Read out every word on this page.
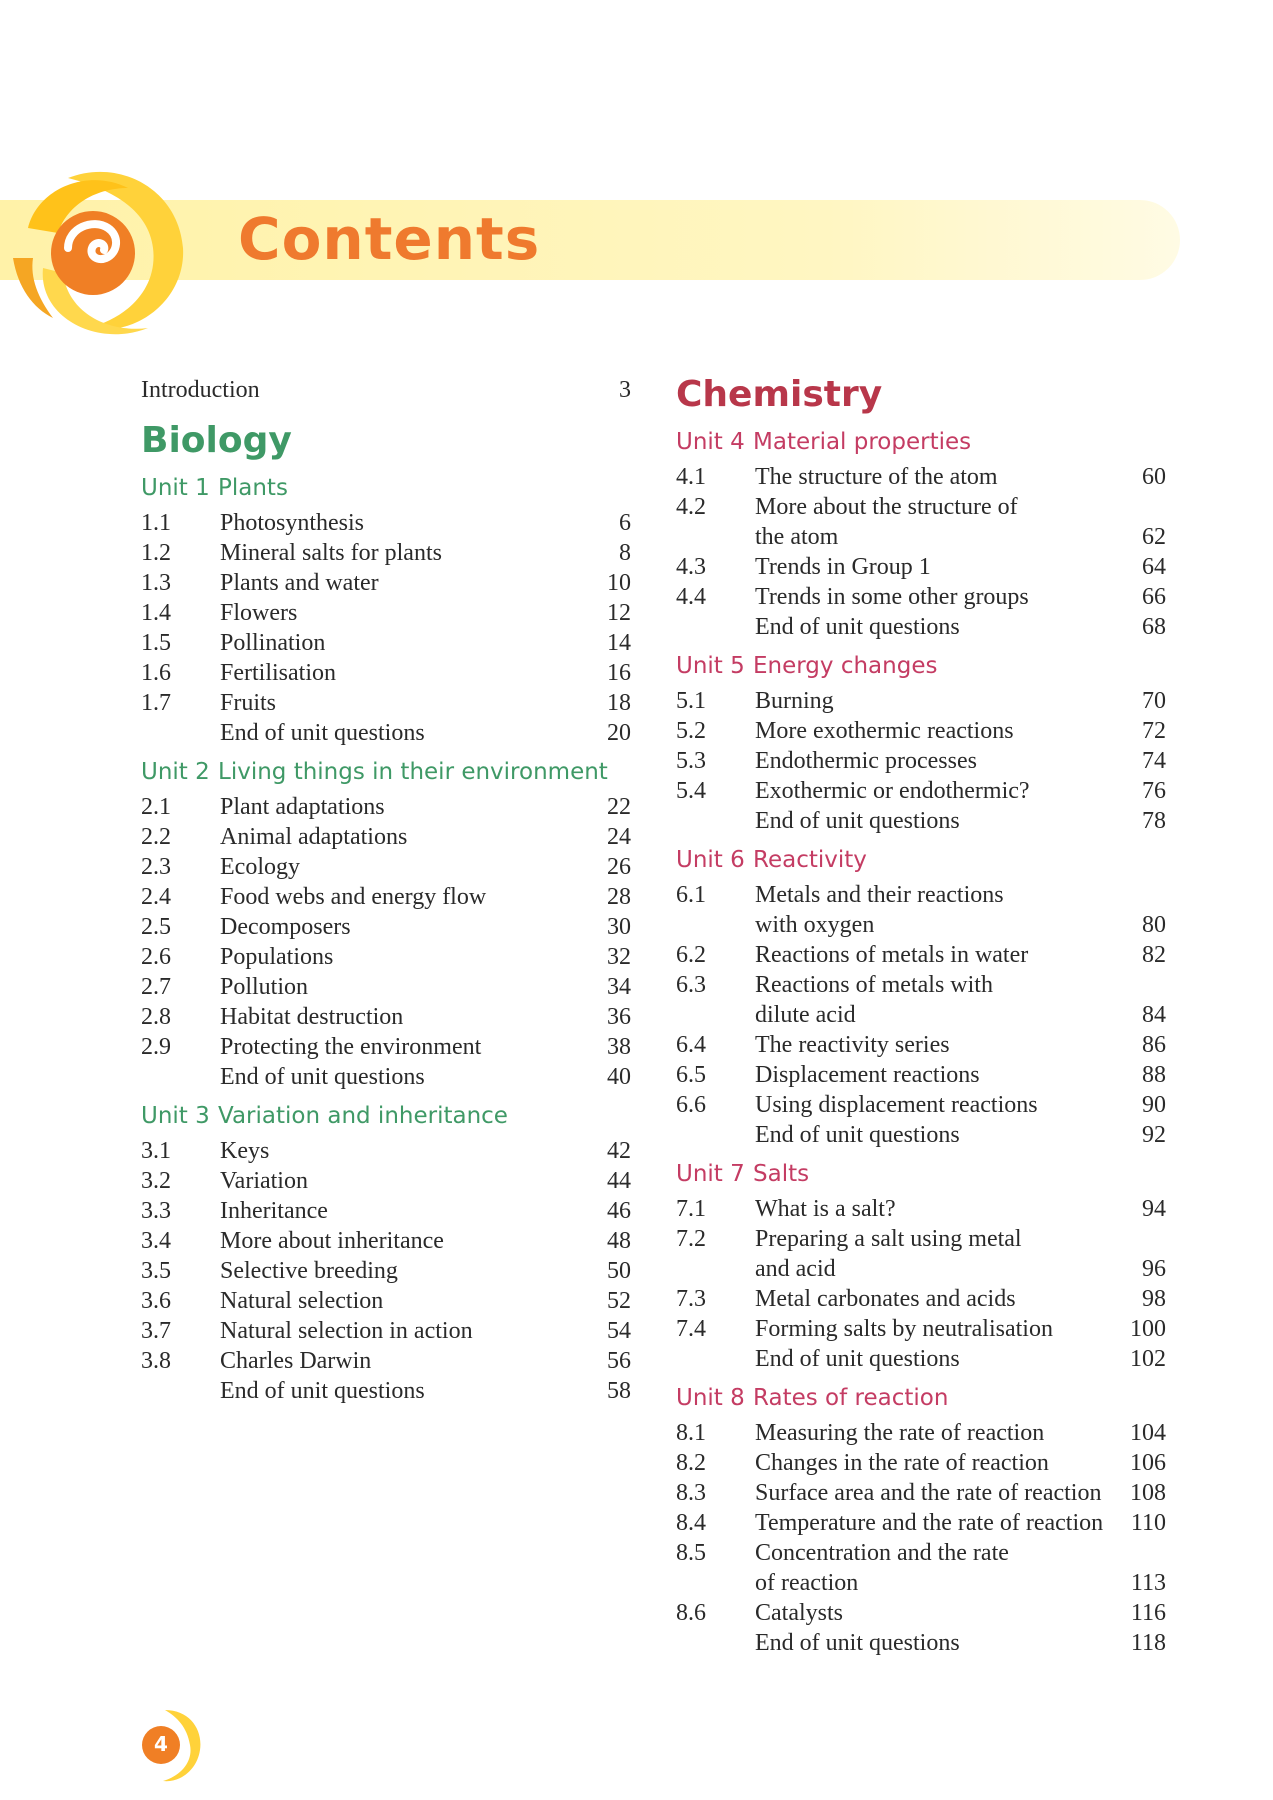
Contents
Introduction	3
Biology
Unit 1 Plants
1.1 Photosynthesis	6
1.2 Mineral salts for plants	8
1.3 Plants and water	10
1.4 Flowers	12
1.5 Pollination	14
1.6 Fertilisation	16
1.7 Fruits	18
End of unit questions	20
Unit 2 Living things in their environment
2.1 Plant adaptations	22
2.2 Animal adaptations	24
2.3 Ecology	26
2.4 Food webs and energy flow	28
2.5 Decomposers	30
2.6 Populations	32
2.7 Pollution	34
2.8 Habitat destruction	36
2.9 Protecting the environment	38
End of unit questions	40
Unit 3 Variation and inheritance
3.1 Keys	42
3.2 Variation	44
3.3 Inheritance	46
3.4 More about inheritance	48
3.5 Selective breeding	50
3.6 Natural selection	52
3.7 Natural selection in action	54
3.8 Charles Darwin	56
End of unit questions	58
Chemistry
Unit 4 Material properties
4.1 The structure of the atom	60
4.2 More about the structure of
the atom	62
4.3 Trends in Group 1	64
4.4 Trends in some other groups	66
End of unit questions	68
Unit 5 Energy changes
5.1 Burning	70
5.2 More exothermic reactions	72
5.3 Endothermic processes	74
5.4 Exothermic or endothermic?	76
End of unit questions	78
Unit 6 Reactivity
6.1 Metals and their reactions
with oxygen	80
6.2 Reactions of metals in water	82
6.3 Reactions of metals with
dilute acid	84
6.4 The reactivity series	86
6.5 Displacement reactions	88
6.6 Using displacement reactions	90
End of unit questions	92
Unit 7 Salts
7.1 What is a salt?	94
7.2 Preparing a salt using metal
and acid	96
7.3 Metal carbonates and acids	98
7.4 Forming salts by neutralisation	100
End of unit questions	102
Unit 8 Rates of reaction
8.1 Measuring the rate of reaction	104
8.2 Changes in the rate of reaction	106
8.3 Surface area and the rate of reaction 108
8.4 Temperature and the rate of reaction 110
8.5 Concentration and the rate
of reaction	113
8.6 Catalysts	116
End of unit questions	118
4
